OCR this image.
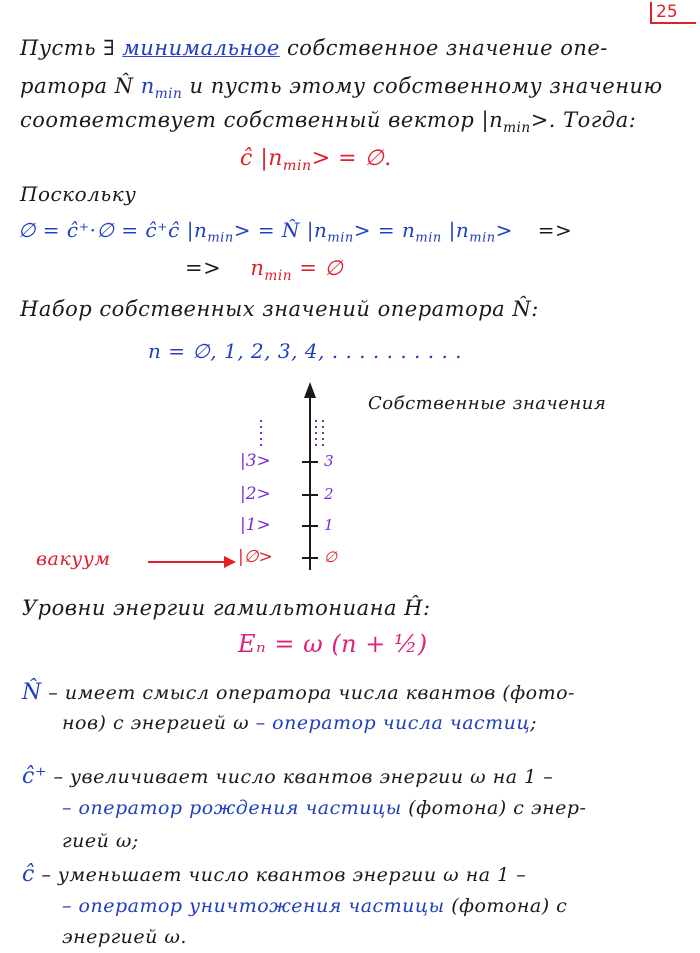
25
Пусть ∃ минимальное собственное значение опе-
ратора N̂ $n_{min}$ и пусть этому собственному значению
соответствует собственный вектор $|n_{min}>$. Тогда:
ĉ $|n_{min}>$ = ∅.
Поскольку
∅ = ĉ⁺·∅ = ĉ⁺ĉ $|n_{min}>$ = N̂ $|n_{min}> = n_{min}$ $|n_{min}>$ =>
=> $n_{min}$ = ∅
Набор собственных значений оператора N̂:
n = ∅, 1, 2, 3, 4, . . . . . . . . . .
Собственные значения
|3>	3
|2>	2
|1>	1
|∅>	∅
вакуум
Уровни энергии гамильтониана Ĥ:
Eₙ = ω (n + ½)
N̂ – имеет смысл оператора числа квантов (фото-
нов) с энергией ω – оператор числа частиц;
ĉ⁺ – увеличивает число квантов энергии ω на 1 –
– оператор рождения частицы (фотона) с энер-
гией ω;
ĉ – уменьшает число квантов энергии ω на 1 –
– оператор уничтожения частицы (фотона) с
энергией ω.
